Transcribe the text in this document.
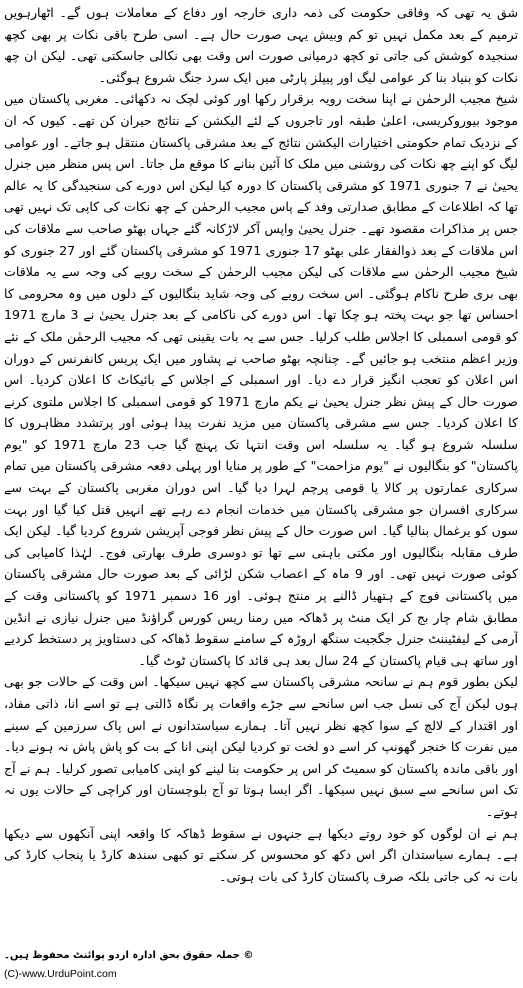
شق یہ تھی کہ وفاقی حکومت کی ذمہ داری خارجہ اور دفاع کے معاملات ہوں گے۔ اٹھارہویں ترمیم کے بعد مکمل نہیں تو کم وبیش یہی صورت حال ہے۔ اسی طرح باقی نکات پر بھی کچھ سنجیدہ کوشش کی جاتی تو کچھ درمیانی صورت اس وقت بھی نکالی جاسکتی تھی۔ لیکن ان چھ نکات کو بنیاد بنا کر عوامی لیگ اور پیپلز پارٹی میں ایک سرد جنگ شروع ہوگئی۔

شیخ مجیب الرحمٰن نے اپنا سخت رویہ برقرار رکھا اور کوئی لچک نہ دکھائی۔ مغربی پاکستان میں موجود بیوروکریسی، اعلیٰ طبقہ اور تاجروں کے لئے الیکشن کے نتائج حیران کن تھے۔ کیوں کہ ان کے نزدیک تمام حکومتی اختیارات الیکشن نتائج کے بعد مشرقی پاکستان منتقل ہو جاتے۔ اور عوامی لیگ کو اپنے چھ نکات کی روشنی میں ملک کا آئین بنانے کا موقع مل جاتا۔ اس پس منظر میں جنرل یحییٰ نے 7 جنوری 1971 کو مشرقی پاکستان کا دورہ کیا لیکن اس دورے کی سنجیدگی کا یہ عالم تھا کہ اطلاعات کے مطابق صدارتی وفد کے پاس مجیب الرحمٰن کے چھ نکات کی کاپی تک نہیں تھی جس پر مذاکرات مقصود تھے۔ جنرل یحییٰ واپس آکر لاڑکانہ گئے جہاں بھٹو صاحب سے ملاقات کی اس ملاقات کے بعد ذوالفقار علی بھٹو 17 جنوری 1971 کو مشرقی پاکستان گئے اور 27 جنوری کو شیخ مجیب الرحمٰن سے ملاقات کی لیکن مجیب الرحمٰن کے سخت رویے کی وجہ سے یہ ملاقات بھی بری طرح ناکام ہوگئی۔ اس سخت رویے کی وجہ شاید بنگالیوں کے دلوں میں وہ محرومی کا احساس تھا جو بہت پختہ ہو چکا تھا۔ اس دورے کی ناکامی کے بعد جنرل یحییٰ نے 3 مارچ 1971 کو قومی اسمبلی کا اجلاس طلب کرلیا۔ جس سے یہ بات یقینی تھی کہ مجیب الرحمٰن ملک کے نئے وزیر اعظم منتخب ہو جائیں گے۔ چنانچہ بھٹو صاحب نے پشاور میں ایک پریس کانفرنس کے دوران اس اعلان کو تعجب انگیز قرار دے دیا۔ اور اسمبلی کے اجلاس کے بائیکاٹ کا اعلان کردیا۔ اس صورت حال کے پیش نظر جنرل یحییٰ نے یکم مارچ 1971 کو قومی اسمبلی کا اجلاس ملتوی کرنے کا اعلان کردیا۔ جس سے مشرقی پاکستان میں مزید نفرت پیدا ہوئی اور پرتشدد مظاہروں کا سلسلہ شروع ہو گیا۔ یہ سلسلہ اس وقت انتہا تک پہنچ گیا جب 23 مارچ 1971 کو "یوم پاکستان" کو بنگالیوں نے "یوم مزاحمت" کے طور پر منایا اور پہلی دفعہ مشرقی پاکستان میں تمام سرکاری عمارتوں پر کالا یا قومی پرچم لہرا دیا گیا۔ اس دوران مغربی پاکستان کے بہت سے سرکاری افسران جو مشرقی پاکستان میں خدمات انجام دے رہے تھے انہیں قتل کیا گیا اور بہت سوں کو یرغمال بنالیا گیا۔ اس صورت حال کے پیش نظر فوجی آپریشن شروع کردیا گیا۔ لیکن ایک طرف مقابلہ بنگالیوں اور مکتی باہنی سے تھا تو دوسری طرف بھارتی فوج۔ لہٰذا کامیابی کی کوئی صورت نہیں تھی۔ اور 9 ماہ کے اعصاب شکن لڑائی کے بعد صورت حال مشرقی پاکستان میں پاکستانی فوج کے ہتھیار ڈالنے پر منتج ہوئی۔ اور 16 دسمبر 1971 کو پاکستانی وقت کے مطابق شام چار بج کر ایک منٹ پر ڈھاکہ میں رمنا ریس کورس گراؤنڈ میں جنرل نیازی نے انڈین آرمی کے لیفٹیننٹ جنرل جگجیت سنگھ اروڑہ کے سامنے سقوط ڈھاکہ کی دستاویز پر دستخط کردیے اور ساتھ ہی قیام پاکستان کے 24 سال بعد ہی قائد کا پاکستان ٹوٹ گیا۔

لیکن بطور قوم ہم نے سانحہ مشرقی پاکستان سے کچھ نہیں سیکھا۔ اس وقت کے حالات جو بھی ہوں لیکن آج کی نسل جب اس سانحے سے جڑے واقعات پر نگاہ ڈالتی ہے تو اسے انا، ذاتی مفاد، اور اقتدار کے لالچ کے سوا کچھ نظر نہیں آتا۔ ہمارے سیاستدانوں نے اس پاک سرزمین کے سینے میں نفرت کا خنجر گھونپ کر اسے دو لخت تو کردیا لیکن اپنی انا کے بت کو پاش پاش نہ ہونے دیا۔ اور باقی ماندہ پاکستان کو سمیٹ کر اس پر حکومت بنا لینے کو اپنی کامیابی تصور کرلیا۔ ہم نے آج تک اس سانحے سے سبق نہیں سیکھا۔ اگر ایسا ہوتا تو آج بلوچستان اور کراچی کے حالات یوں نہ ہوتے۔

ہم نے ان لوگوں کو خود روتے دیکھا ہے جنہوں نے سقوط ڈھاکہ کا واقعہ اپنی آنکھوں سے دیکھا ہے۔ ہمارے سیاستدان اگر اس دکھ کو محسوس کر سکتے تو کبھی سندھ کارڈ یا پنجاب کارڈ کی بات نہ کی جاتی بلکہ صرف پاکستان کارڈ کی بات ہوتی۔

© جملہ حقوق بحق ادارہ اردو پوائنٹ محفوظ ہیں۔
(C)-www.UrduPoint.com
